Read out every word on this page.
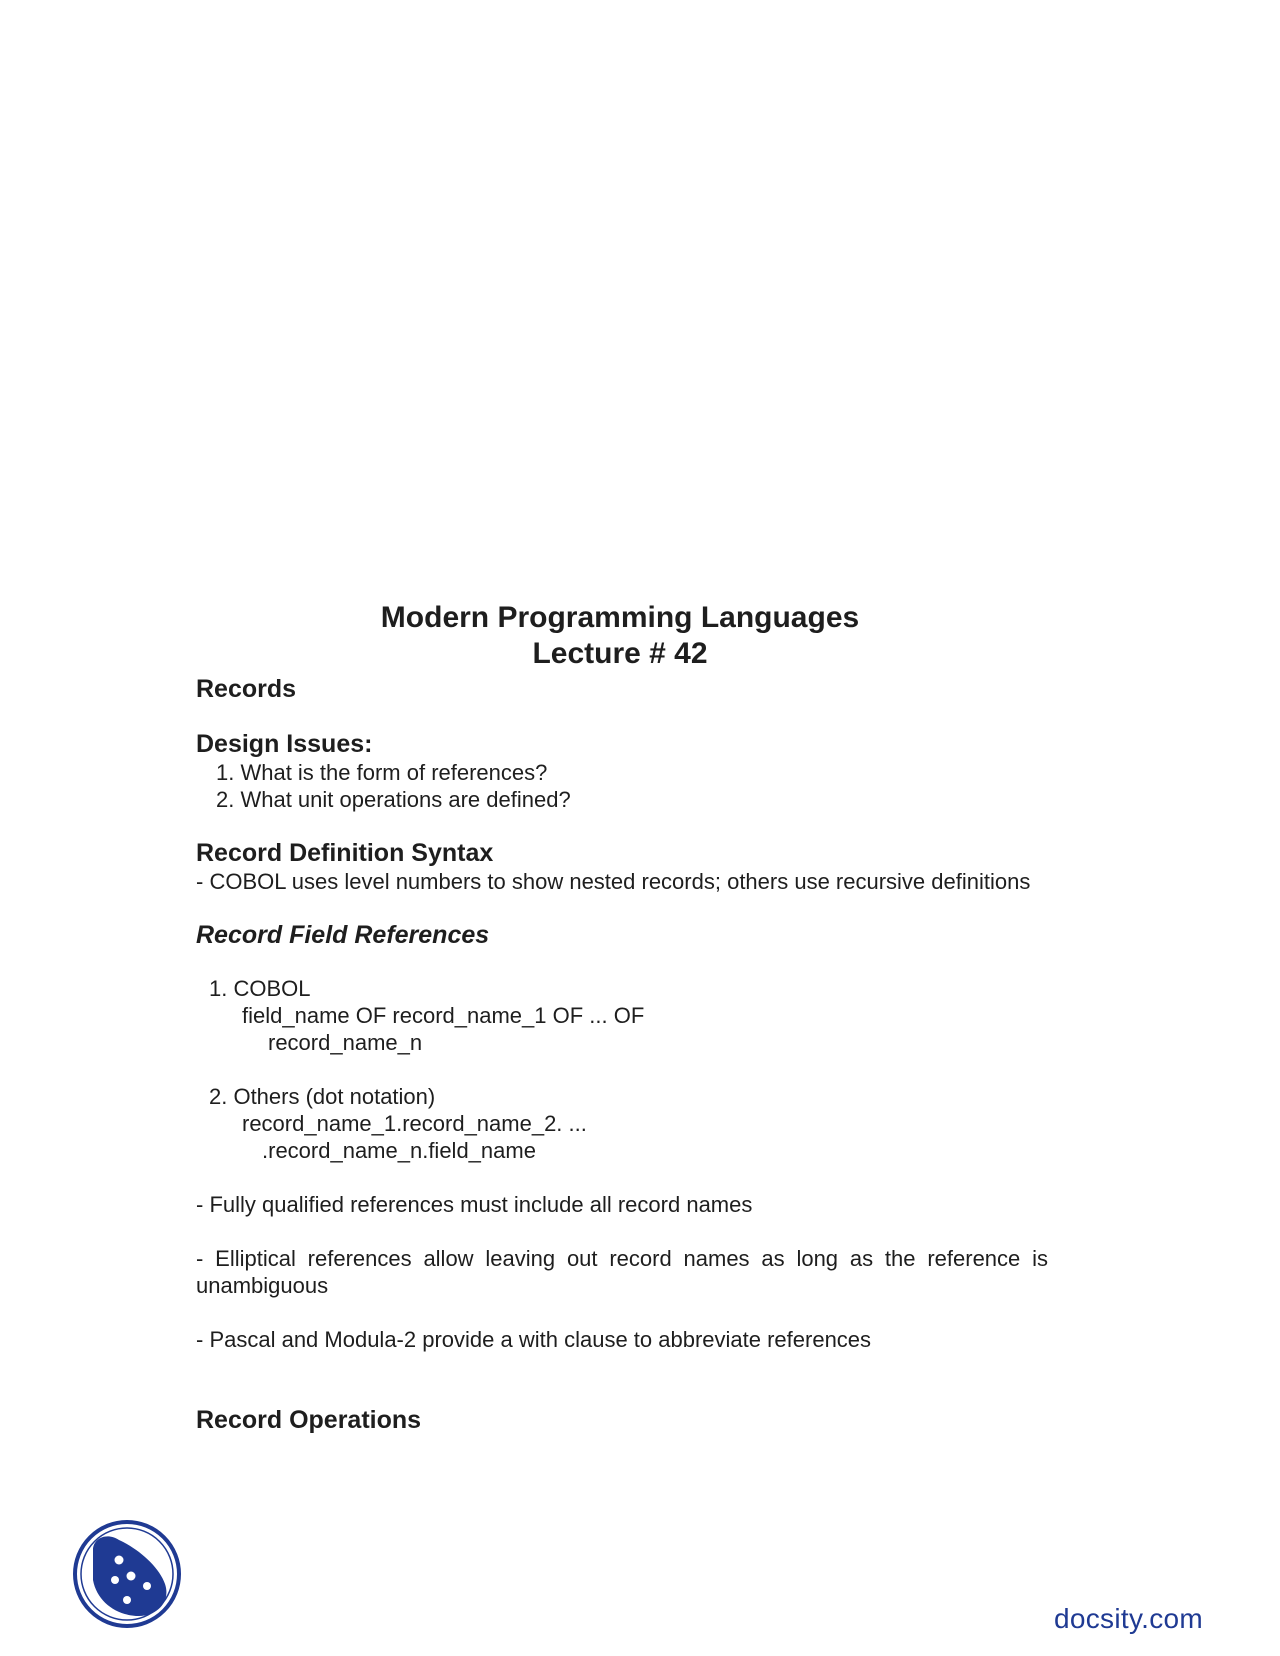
Modern Programming Languages
Lecture # 42
Records
Design Issues:
1. What is the form of references?
2. What unit operations are defined?
Record Definition Syntax
- COBOL uses level numbers to show nested records; others use recursive definitions
Record Field References
1. COBOL
field_name OF record_name_1 OF ... OF
record_name_n
2. Others (dot notation)
record_name_1.record_name_2. ...
.record_name_n.field_name
- Fully qualified references must include all record names
- Elliptical references allow leaving out record names as long as the reference is unambiguous
- Pascal and Modula-2 provide a with clause to abbreviate references
Record Operations
docsity.com
